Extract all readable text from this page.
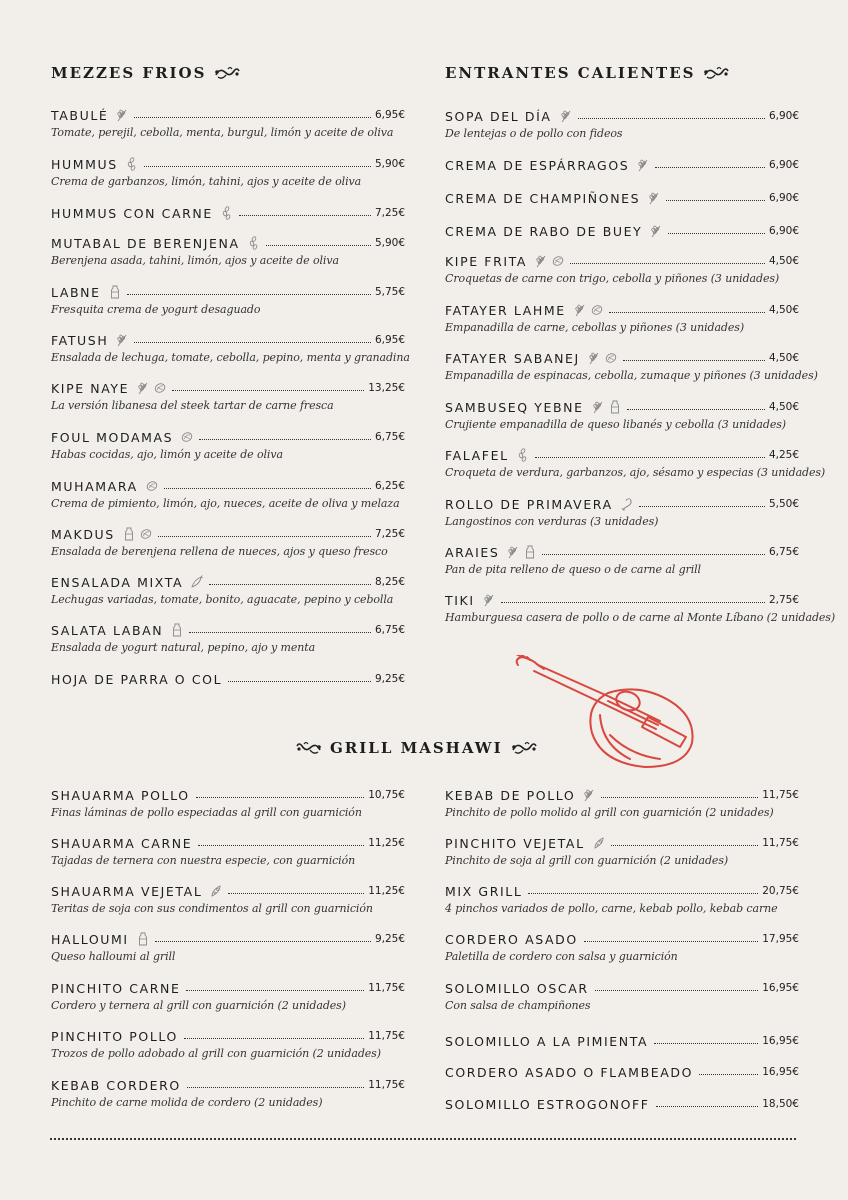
MEZZES FRIOS	ENTRANTES CALIENTES
GRILL MASHAWI
TABULÉ	6,95€
Tomate, perejil, cebolla, menta, burgul, limón y aceite de oliva
HUMMUS	5,90€
Crema de garbanzos, limón, tahini, ajos y aceite de oliva
HUMMUS CON CARNE	7,25€
MUTABAL DE BERENJENA	5,90€
Berenjena asada, tahini, limón, ajos y aceite de oliva
LABNE	5,75€
Fresquita crema de yogurt desaguado
FATUSH	6,95€
Ensalada de lechuga, tomate, cebolla, pepino, menta y granadina
KIPE NAYE	13,25€
La versión libanesa del steek tartar de carne fresca
FOUL MODAMAS	6,75€
Habas cocidas, ajo, limón y aceite de oliva
MUHAMARA	6,25€
Crema de pimiento, limón, ajo, nueces, aceite de oliva y melaza
MAKDUS	7,25€
Ensalada de berenjena rellena de nueces, ajos y queso fresco
ENSALADA MIXTA	8,25€
Lechugas variadas, tomate, bonito, aguacate, pepino y cebolla
SALATA LABAN	6,75€
Ensalada de yogurt natural, pepino, ajo y menta
HOJA DE PARRA O COL	9,25€
SOPA DEL DÍA	6,90€
De lentejas o de pollo con fideos
CREMA DE ESPÁRRAGOS	6,90€
CREMA DE CHAMPIÑONES	6,90€
CREMA DE RABO DE BUEY	6,90€
KIPE FRITA	4,50€
Croquetas de carne con trigo, cebolla y piñones (3 unidades)
FATAYER LAHME	4,50€
Empanadilla de carne, cebollas y piñones (3 unidades)
FATAYER SABANEJ	4,50€
Empanadilla de espinacas, cebolla, zumaque y piñones (3 unidades)
SAMBUSEQ YEBNE	4,50€
Crujiente empanadilla de queso libanés y cebolla (3 unidades)
FALAFEL	4,25€
Croqueta de verdura, garbanzos, ajo, sésamo y especias (3 unidades)
ROLLO DE PRIMAVERA	5,50€
Langostinos con verduras (3 unidades)
ARAIES	6,75€
Pan de pita relleno de queso o de carne al grill
TIKI	2,75€
Hamburguesa casera de pollo o de carne al Monte Líbano (2 unidades)
SHAUARMA POLLO	10,75€
Finas láminas de pollo especiadas al grill con guarnición
SHAUARMA CARNE	11,25€
Tajadas de ternera con nuestra especie, con guarnición
SHAUARMA VEJETAL	11,25€
Teritas de soja con sus condimentos al grill con guarnición
HALLOUMI	9,25€
Queso halloumi al grill
PINCHITO CARNE	11,75€
Cordero y ternera al grill con guarnición (2 unidades)
PINCHITO POLLO	11,75€
Trozos de pollo adobado al grill con guarnición (2 unidades)
KEBAB CORDERO	11,75€
Pinchito de carne molida de cordero (2 unidades)
KEBAB DE POLLO	11,75€
Pinchito de pollo molido al grill con guarnición (2 unidades)
PINCHITO VEJETAL	11,75€
Pinchito de soja al grill con guarnición (2 unidades)
MIX GRILL	20,75€
4 pinchos variados de pollo, carne, kebab pollo, kebab carne
CORDERO ASADO	17,95€
Paletilla de cordero con salsa y guarnición
SOLOMILLO OSCAR	16,95€
Con salsa de champiñones
SOLOMILLO A LA PIMIENTA	16,95€
CORDERO ASADO O FLAMBEADO	16,95€
SOLOMILLO ESTROGONOFF	18,50€
